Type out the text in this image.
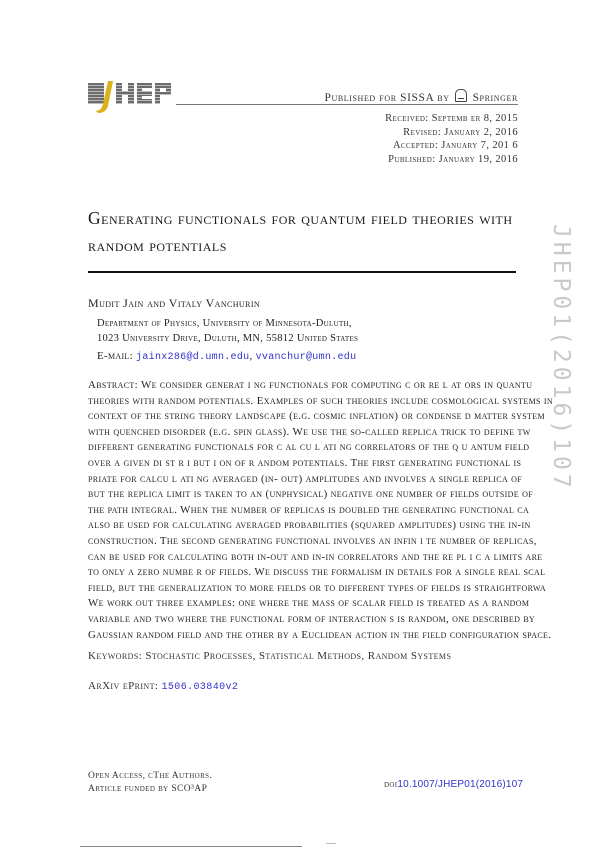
Published for SISSA by Springer
Received: Septemb er 8, 2015
Revised: January 2, 2016
Accepted: January 7, 201 6
Published: January 19, 2016
JHEP01(2016)107
Generating functionals for quantum field theories with
random potentials
Mudit Jain and Vitaly Vanchurin
Department of Physics, University of Minnesota-Duluth,
1023 University Drive, Duluth, MN, 55812 United States
E-mail: jainx286@d.umn.edu, vvanchur@umn.edu
Abstract: We consider generat i ng functionals for computing c or re l at ors in quantu
theories with random potentials. Examples of such theories include cosmological systems in
context of the string theory landscape (e.g. cosmic inflation) or condense d matter system
with quenched disorder (e.g. spin glass). We use the so-called replica trick to define tw
different generating functionals for c al cu l ati ng correlators of the q u antum field
over a given di st r i but i on of r andom potentials. The first generating functional is
priate for calcu l ati ng averaged (in- out) amplitudes and involves a single replica of
but the replica limit is taken to an (unphysical) negative one number of fields outside of
the path integral. When the number of replicas is doubled the generating functional ca
also be used for calculating averaged probabilities (squared amplitudes) using the in-in
construction. The second generating functional involves an infin i te number of replicas,
can be used for calculating both in-out and in-in correlators and the re pl i c a limits are
to only a zero numbe r of fields. We discuss the formalism in details for a single real scal
field, but the generalization to more fields or to different types of fields is straightforwa
We work out three examples: one where the mass of scalar field is treated as a random
variable and two where the functional form of interaction s is random, one described by
Gaussian random field and the other by a Euclidean action in the field configuration space.
Keywords: Stochastic Processes, Statistical Methods, Random Systems
ArXiv ePrint: 1506.03840v2
Open Access, cThe Authors.
Article funded by SCO³AP	doi10.1007/JHEP01(2016)107
